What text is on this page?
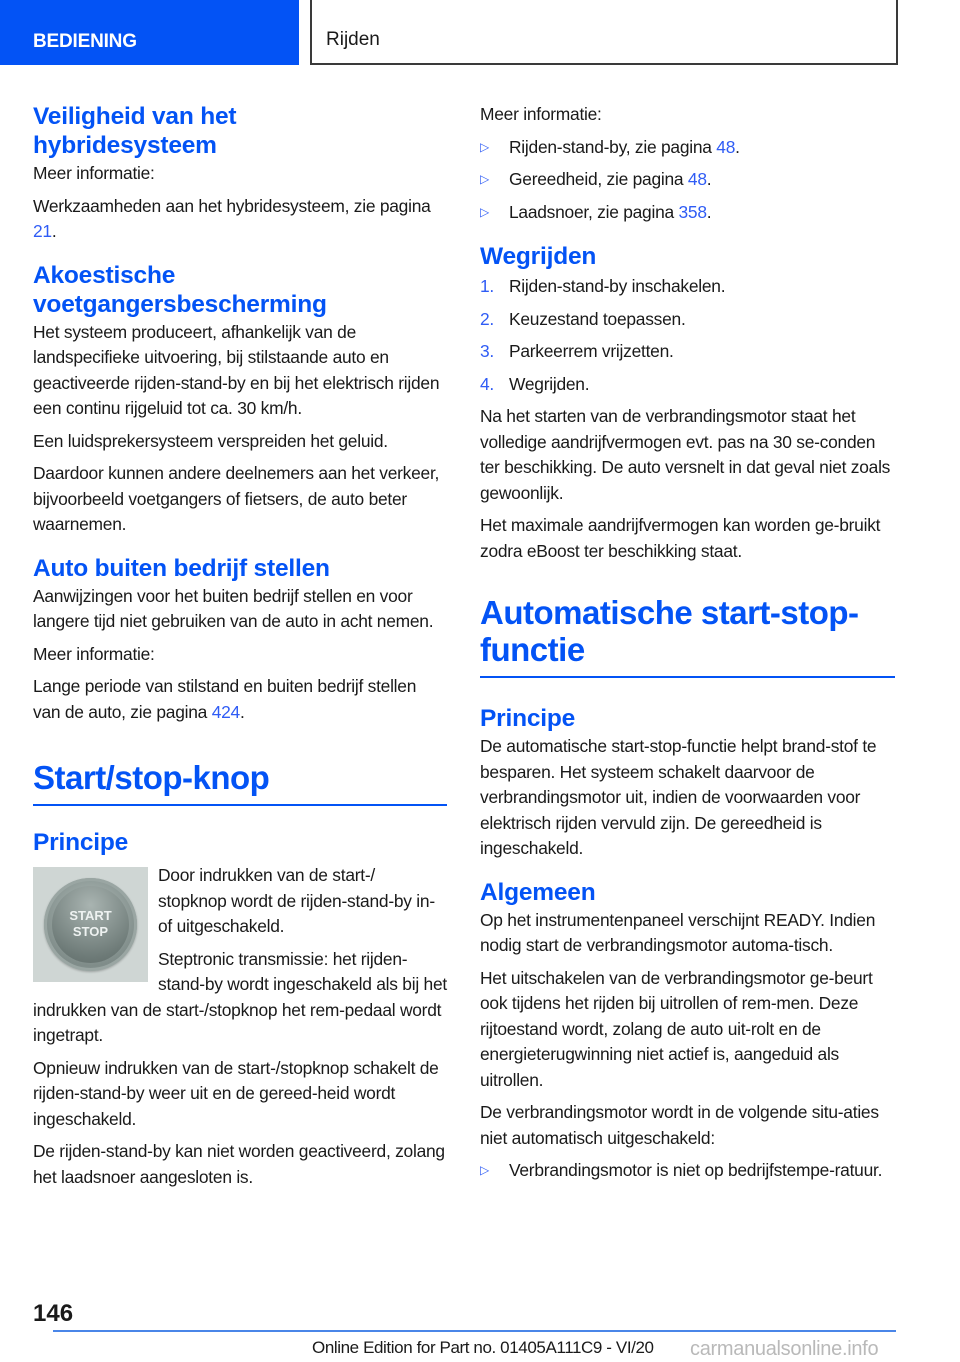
BEDIENING	Rijden
Veiligheid van het
hybridesysteem

Meer informatie:

Werkzaamheden aan het hybridesysteem, zie pagina 21.

Akoestische
voetgangersbescherming

Het systeem produceert, afhankelijk van de landspecifieke uitvoering, bij stilstaande auto en geactiveerde rijden-stand-by en bij het elektrisch rijden een continu rijgeluid tot ca. 30 km/h.

Een luidsprekersysteem verspreiden het geluid.

Daardoor kunnen andere deelnemers aan het verkeer, bijvoorbeeld voetgangers of fietsers, de auto beter waarnemen.

Auto buiten bedrijf stellen

Aanwijzingen voor het buiten bedrijf stellen en voor langere tijd niet gebruiken van de auto in acht nemen.

Meer informatie:

Lange periode van stilstand en buiten bedrijf stellen van de auto, zie pagina 424.

Start/stop-knop
Principe
START
STOP

Door indrukken van de start-/ stopknop wordt de rijden-stand-by in- of uitgeschakeld.

Steptronic transmissie: het rijden-stand-by wordt ingeschakeld als bij het indrukken van de start-/stopknop het rem-pedaal wordt ingetrapt.

Opnieuw indrukken van de start-/stopknop schakelt de rijden-stand-by weer uit en de gereed-heid wordt ingeschakeld.

De rijden-stand-by kan niet worden geactiveerd, zolang het laadsnoer aangesloten is.

Meer informatie:

▷ Rijden-stand-by, zie pagina 48.
▷ Gereedheid, zie pagina 48.
▷ Laadsnoer, zie pagina 358.
Wegrijden
1. Rijden-stand-by inschakelen.
2. Keuzestand toepassen.
3. Parkeerrem vrijzetten.
4. Wegrijden.

Na het starten van de verbrandingsmotor staat het volledige aandrijfvermogen evt. pas na 30 se-conden ter beschikking. De auto versnelt in dat geval niet zoals gewoonlijk.

Het maximale aandrijfvermogen kan worden ge-bruikt zodra eBoost ter beschikking staat.

Automatische start-stop-functie
Principe

De automatische start-stop-functie helpt brand-stof te besparen. Het systeem schakelt daarvoor de verbrandingsmotor uit, indien de voorwaarden voor elektrisch rijden vervuld zijn. De gereedheid is ingeschakeld.

Algemeen

Op het instrumentenpaneel verschijnt READY. Indien nodig start de verbrandingsmotor automa-tisch.

Het uitschakelen van de verbrandingsmotor ge-beurt ook tijdens het rijden bij uitrollen of rem-men. Deze rijtoestand wordt, zolang de auto uit-rolt en de energieterugwinning niet actief is, aangeduid als uitrollen.

De verbrandingsmotor wordt in de volgende situ-aties niet automatisch uitgeschakeld:

▷ Verbrandingsmotor is niet op bedrijfstempe-ratuur.
146
Online Edition for Part no. 01405A111C9 - VI/20 carmanualsonline.info
